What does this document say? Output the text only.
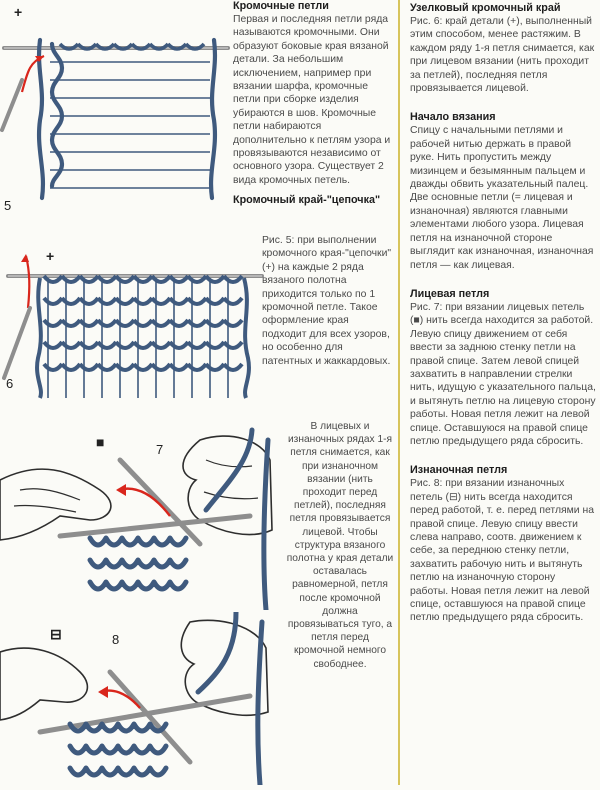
+
5
+
6
■	7
⊟	8
Кромочные петли

Первая и последняя петли ряда называются кромочными. Они образуют боковые края вязаной детали. За небольшим исключением, например при вязании шарфа, кромочные петли при сборке изделия убираются в шов. Кромочные петли набираются дополнительно к петлям узора и провязываются независимо от основного узора. Существует 2 вида кромочных петель.

Кромочный край-"цепочка"

Рис. 5: при выполнении кромочного края-"цепочки" (+) на каждые 2 ряда вязаного полотна приходится только по 1 кромочной петле. Такое оформление края подходит для всех узоров, но особенно для патентных и жаккардовых.

В лицевых и изнаночных рядах 1-я петля снимается, как при изнаночном вязании (нить проходит перед петлей), последняя петля провязывается лицевой. Чтобы структура вязаного полотна у края детали оставалась равномерной, петля после кромочной должна провязываться туго, а петля перед кромочной немного свободнее.

Узелковый кромочный край

Рис. 6: край детали (+), выполненный этим способом, менее растяжим. В каждом ряду 1-я петля снимается, как при лицевом вязании (нить проходит за петлей), последняя петля провязывается лицевой.

Начало вязания

Спицу с начальными петлями и рабочей нитью держать в правой руке. Нить пропустить между мизинцем и безымянным пальцем и дважды обвить указательный палец. Две основные петли (= лицевая и изнаночная) являются главными элементами любого узора. Лицевая петля на изнаночной стороне выглядит как изнаночная, изнаночная петля — как лицевая.

Лицевая петля

Рис. 7: при вязании лицевых петель (■) нить всегда находится за работой. Левую спицу движением от себя ввести за заднюю стенку петли на правой спице. Затем левой спицей захватить в направлении стрелки нить, идущую с указательного пальца, и вытянуть петлю на лицевую сторону работы. Новая петля лежит на левой спице. Оставшуюся на правой спице петлю предыдущего ряда сбросить.

Изнаночная петля

Рис. 8: при вязании изнаночных петель (⊟) нить всегда находится перед работой, т. е. перед петлями на правой спице. Левую спицу ввести слева направо, соотв. движением к себе, за переднюю стенку петли, захватить рабочую нить и вытянуть петлю на изнаночную сторону работы. Новая петля лежит на левой спице, оставшуюся на правой спице петлю предыдущего ряда сбросить.
